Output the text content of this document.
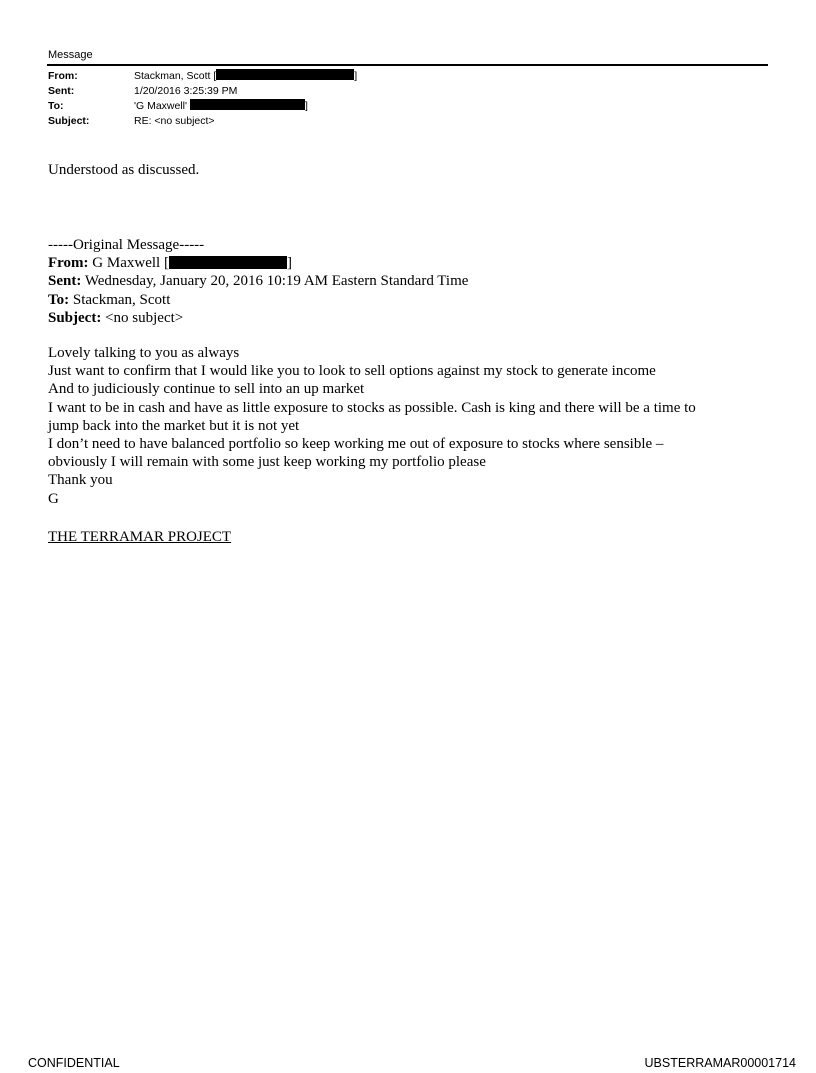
Message
From:	Stackman, Scott [	]
Sent:	1/20/2016 3:25:39 PM
To:	'G Maxwell'	]
Subject:	RE: <no subject>
Understood as discussed.
-----Original Message-----
From: G Maxwell [	]
Sent: Wednesday, January 20, 2016 10:19 AM Eastern Standard Time
To: Stackman, Scott
Subject: <no subject>
Lovely talking to you as always
Just want to confirm that I would like you to look to sell options against my stock to generate income
And to judiciously continue to sell into an up market
I want to be in cash and have as little exposure to stocks as possible. Cash is king and there will be a time to
jump back into the market but it is not yet
I don’t need to have balanced portfolio so keep working me out of exposure to stocks where sensible –
obviously I will remain with some just keep working my portfolio please
Thank you
G
THE TERRAMAR PROJECT
CONFIDENTIAL	UBSTERRAMAR00001714
